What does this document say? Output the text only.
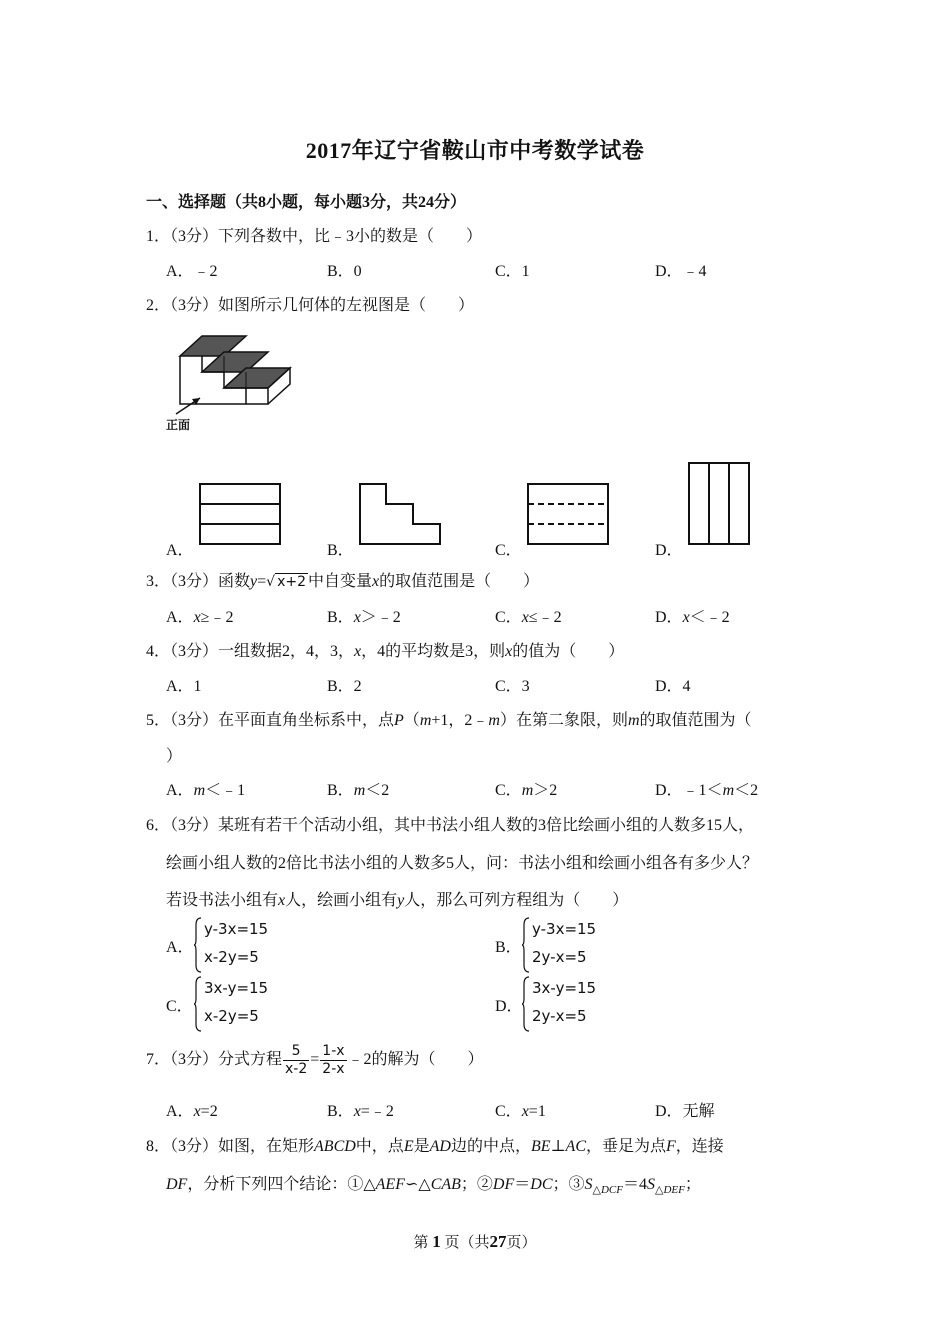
2017年辽宁省鞍山市中考数学试卷
一、选择题（共8小题，每小题3分，共24分）
1．（3分）下列各数中，比﹣3小的数是（　　）
A．﹣2	B．0	C．1	D．﹣4
2．（3分）如图所示几何体的左视图是（　　）
正面
A．	B．	C．	D．
3．（3分）函数y=√ x+2 中自变量x的取值范围是（　　）
A．x≥﹣2	B．x＞﹣2	C．x≤﹣2	D．x＜﹣2
4．（3分）一组数据2，4，3，x，4的平均数是3，则x的值为（　　）
A．1	B．2	C．3	D．4
5．（3分）在平面直角坐标系中，点P（m+1，2﹣m）在第二象限，则m的取值范围为（
）
A．m＜﹣1	B．m＜2	C．m＞2	D．﹣1＜m＜2
6．（3分）某班有若干个活动小组，其中书法小组人数的3倍比绘画小组的人数多15人，
绘画小组人数的2倍比书法小组的人数多5人，问：书法小组和绘画小组各有多少人？
若设书法小组有x人，绘画小组有y人，那么可列方程组为（　　）
A．
y-3x=15
x-2y=5
B．
y-3x=15
2y-x=5
C．
3x-y=15
x-2y=5
D．
3x-y=15
2y-x=5
7．（3分）分式方程 $\frac{5}{x-2} = \frac{1-x}{2-x}$ ﹣2的解为（　　）
A．x=2	B．x=﹣2	C．x=1	D．无解
8．（3分）如图，在矩形ABCD中，点E是AD边的中点，BE⊥AC，垂足为点F，连接
DF，分析下列四个结论：①△AEF∽△CAB；②DF＝DC；$③S_{\triangle DCF}=4S_{\triangle DEF}$；
第 1 页（共27页）
